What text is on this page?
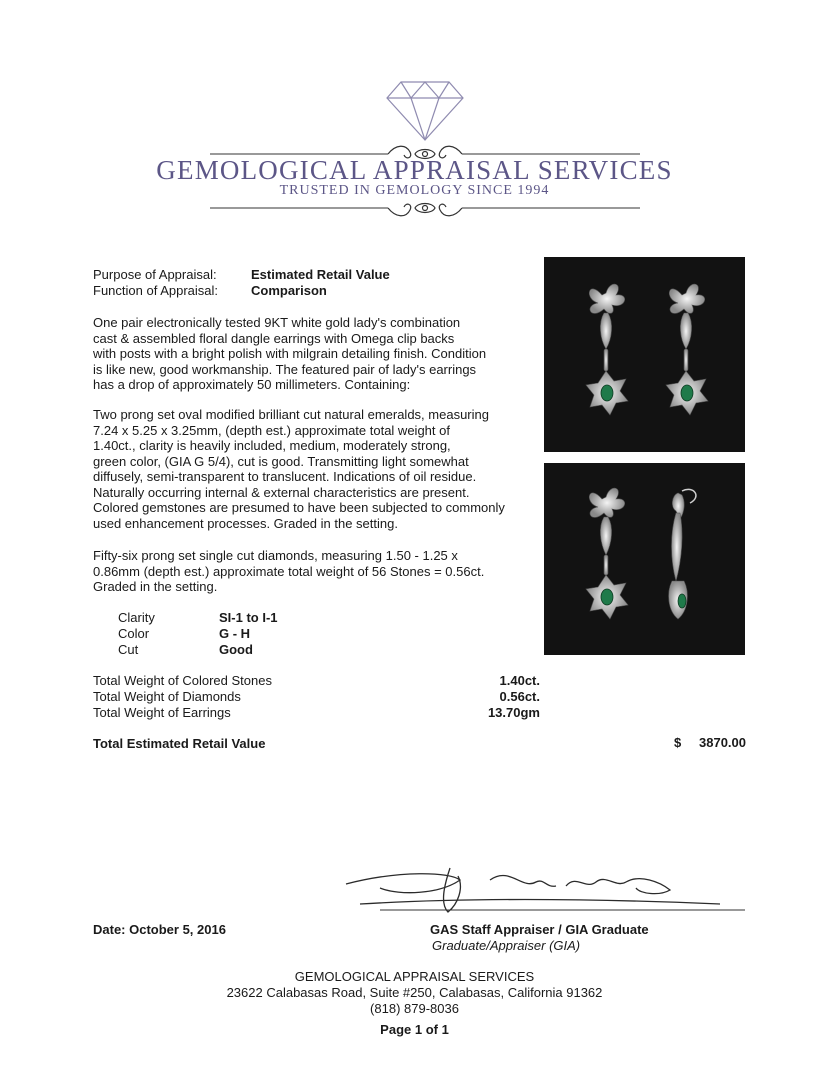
GEMOLOGICAL APPRAISAL SERVICES
TRUSTED IN GEMOLOGY SINCE 1994
Purpose of Appraisal:	Estimated Retail Value
Function of Appraisal:	Comparison
One pair electronically tested 9KT white gold lady's combination
cast & assembled floral dangle earrings with Omega clip backs
with posts with a bright polish with milgrain detailing finish. Condition
is like new, good workmanship. The featured pair of lady's earrings
has a drop of approximately 50 millimeters. Containing:
Two prong set oval modified brilliant cut natural emeralds, measuring
7.24 x 5.25 x 3.25mm, (depth est.) approximate total weight of
1.40ct., clarity is heavily included, medium, moderately strong,
green color, (GIA G 5/4), cut is good. Transmitting light somewhat
diffusely, semi-transparent to translucent. Indications of oil residue.
Naturally occurring internal & external characteristics are present.
Colored gemstones are presumed to have been subjected to commonly
used enhancement processes. Graded in the setting.
Fifty-six prong set single cut diamonds, measuring 1.50 - 1.25 x
0.86mm (depth est.) approximate total weight of 56 Stones = 0.56ct.
Graded in the setting.
Clarity	SI-1 to I-1
Color	G - H
Cut	Good
Total Weight of Colored Stones	1.40ct.
Total Weight of Diamonds	0.56ct.
Total Weight of Earrings	13.70gm
Total Estimated Retail Value	$	3870.00
Date: October 5, 2016	GAS Staff Appraiser / GIA Graduate
Graduate/Appraiser (GIA)
GEMOLOGICAL APPRAISAL SERVICES
23622 Calabasas Road, Suite #250, Calabasas, California 91362
(818) 879-8036
Page 1 of 1
